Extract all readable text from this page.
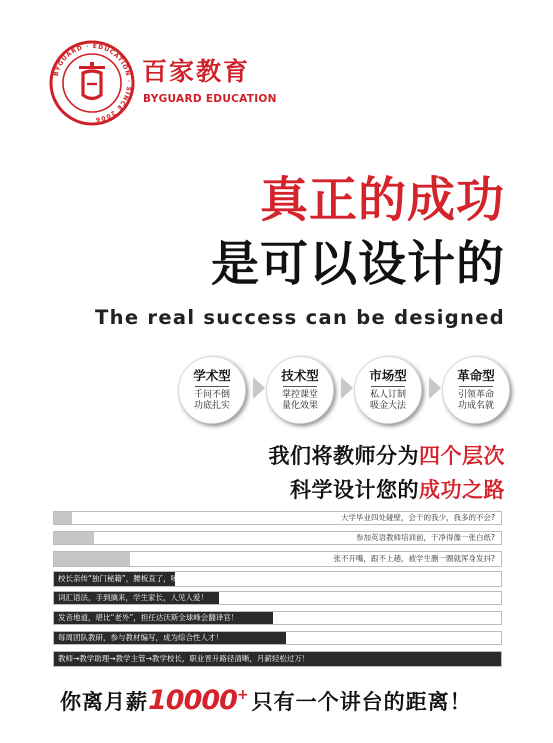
BYGUARD · EDUCATION · SINCE 2006
百家教育
BYGUARD EDUCATION
真正的成功
是可以设计的
The real success can be designed
学术型
千问不倒
功底扎实
技术型
掌控课堂
量化效果
市场型
私人订制
吸金大法
革命型
引领革命
功成名就
我们将教师分为四个层次
科学设计您的成功之路
大学毕业四处碰壁，会干的我少，我多的不会?
参加英语教师培训前，干净得像一张白纸?
张不开嘴，跟不上趟，被学生删一圈就浑身发抖?
校长亲传“独门秘籍”，腰板直了，嗓门亮了！
词汇语法，手到擒来，学生家长，人见人爱！
发音地道，堪比“老外”，担任达沃斯全球峰会翻译官！
每周团队教研，参与教材编写，成为综合性人才！
教师→教学助理→教学主管→教学校长，职业晋升路径清晰，月薪轻松过万！
你离月薪10000+只有一个讲台的距离！
